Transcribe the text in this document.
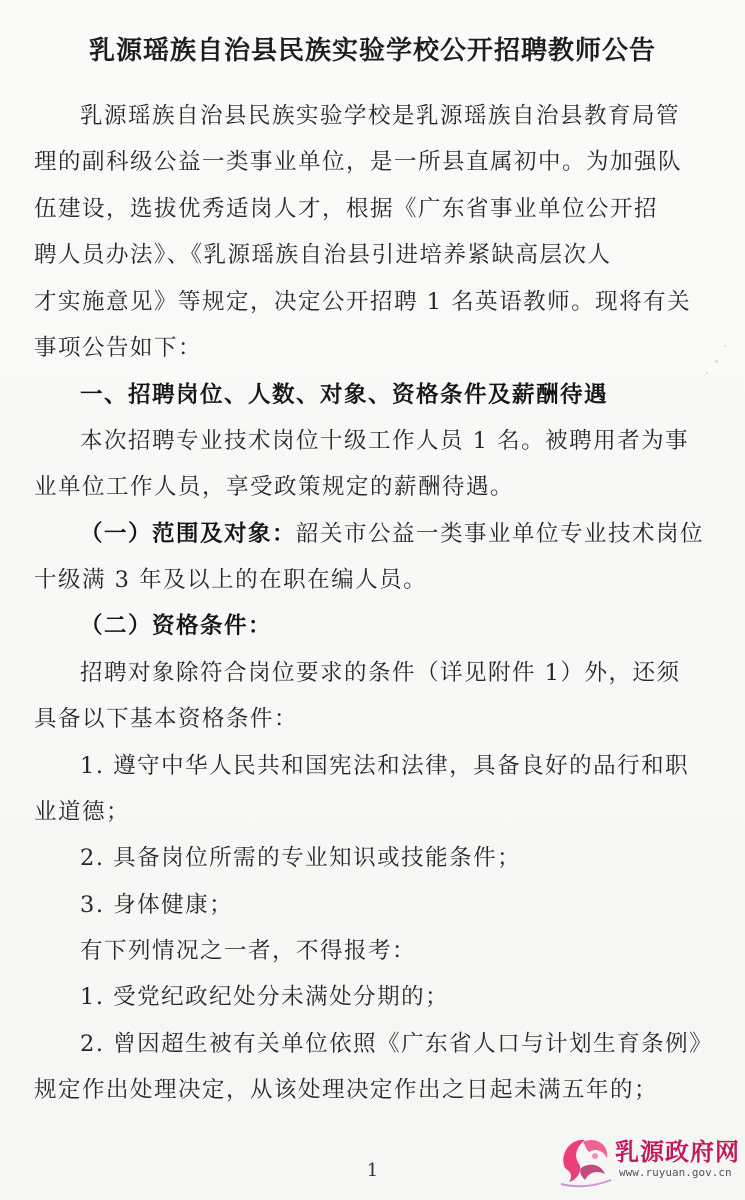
乳源瑶族自治县民族实验学校公开招聘教师公告
乳源瑶族自治县民族实验学校是乳源瑶族自治县教育局管
理的副科级公益一类事业单位，是一所县直属初中。为加强队
伍建设，选拔优秀适岗人才，根据《广东省事业单位公开招
聘人员办法》、《乳源瑶族自治县引进培养紧缺高层次人
才实施意见》等规定，决定公开招聘 1 名英语教师。现将有关
事项公告如下：
一、招聘岗位、人数、对象、资格条件及薪酬待遇
本次招聘专业技术岗位十级工作人员 1 名。被聘用者为事
业单位工作人员，享受政策规定的薪酬待遇。
（一）范围及对象：韶关市公益一类事业单位专业技术岗位
十级满 3 年及以上的在职在编人员。
（二）资格条件：
招聘对象除符合岗位要求的条件（详见附件 1）外，还须
具备以下基本资格条件：
1. 遵守中华人民共和国宪法和法律，具备良好的品行和职
业道德；
2. 具备岗位所需的专业知识或技能条件；
3. 身体健康；
有下列情况之一者，不得报考：
1. 受党纪政纪处分未满处分期的；
2. 曾因超生被有关单位依照《广东省人口与计划生育条例》
规定作出处理决定，从该处理决定作出之日起未满五年的；
1
乳源政府网
www.ruyuan.gov.cn
